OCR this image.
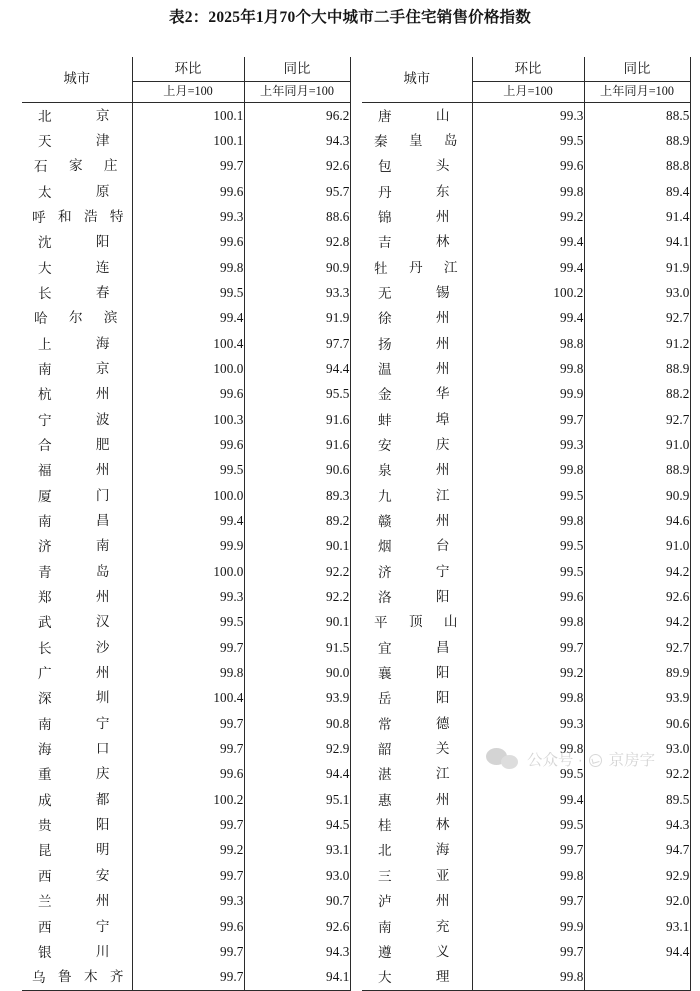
表2：2025年1月70个大中城市二手住宅销售价格指数
城市	环比	同比		城市	环比	同比
	上月=100	上年同月=100			上月=100	上年同月=100

北 京	100.1	96.2		唐 山	99.3	88.5

天 津	100.1	94.3		秦 皇 岛	99.5	88.9

石 家 庄	99.7	92.6		包 头	99.6	88.8

太 原	99.6	95.7		丹 东	99.8	89.4

呼 和 浩 特	99.3	88.6		锦 州	99.2	91.4

沈 阳	99.6	92.8		吉 林	99.4	94.1

大 连	99.8	90.9		牡 丹 江	99.4	91.9

长 春	99.5	93.3		无 锡	100.2	93.0

哈 尔 滨	99.4	91.9		徐 州	99.4	92.7

上 海	100.4	97.7		扬 州	98.8	91.2

南 京	100.0	94.4		温 州	99.8	88.9

杭 州	99.6	95.5		金 华	99.9	88.2

宁 波	100.3	91.6		蚌 埠	99.7	92.7

合 肥	99.6	91.6		安 庆	99.3	91.0

福 州	99.5	90.6		泉 州	99.8	88.9

厦 门	100.0	89.3		九 江	99.5	90.9

南 昌	99.4	89.2		赣 州	99.8	94.6

济 南	99.9	90.1		烟 台	99.5	91.0

青 岛	100.0	92.2		济 宁	99.5	94.2

郑 州	99.3	92.2		洛 阳	99.6	92.6

武 汉	99.5	90.1		平 顶 山	99.8	94.2

长 沙	99.7	91.5		宜 昌	99.7	92.7

广 州	99.8	90.0		襄 阳	99.2	89.9

深 圳	100.4	93.9		岳 阳	99.8	93.9

南 宁	99.7	90.8		常 德	99.3	90.6

海 口	99.7	92.9		韶 关	99.8	93.0

重 庆	99.6	94.4		湛 江	99.5	92.2

成 都	100.2	95.1		惠 州	99.4	89.5

贵 阳	99.7	94.5		桂 林	99.5	94.3

昆 明	99.2	93.1		北 海	99.7	94.7

西 安	99.7	93.0		三 亚	99.8	92.9

兰 州	99.3	90.7		泸 州	99.7	92.0

西 宁	99.6	92.6		南 充	99.9	93.1

银 川	99.7	94.3		遵 义	99.7	94.4

乌 鲁 木 齐	99.7	94.1		大 理	99.8	
公众号 · 京房字
